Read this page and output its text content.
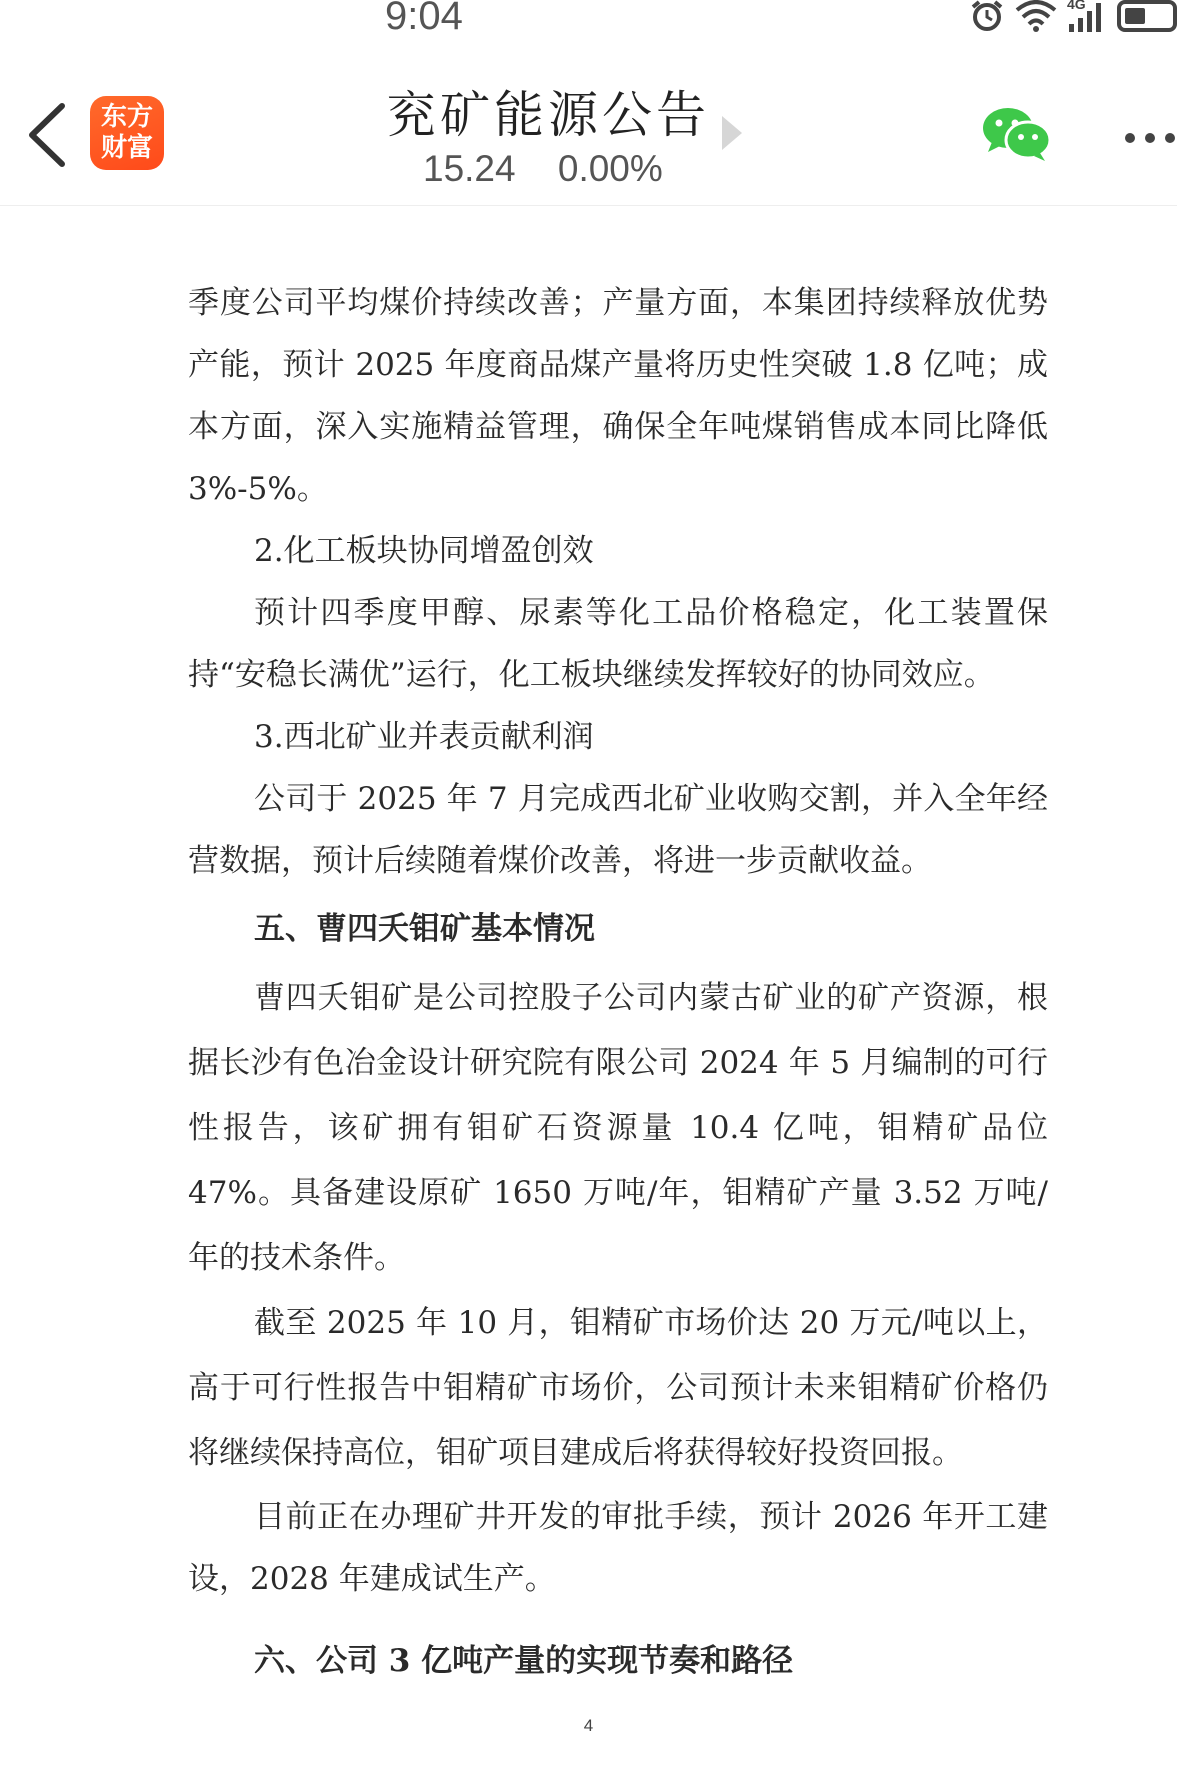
9:04	4G
东方
财富
兖矿能源公告
15.24 0.00%

季度公司平均煤价持续改善；产量方面，本集团持续释放优势产能，预计 2025 年度商品煤产量将历史性突破 1.8 亿吨；成本方面，深入实施精益管理，确保全年吨煤销售成本同比降低 3%-5%。

2.化工板块协同增盈创效

预计四季度甲醇、尿素等化工品价格稳定，化工装置保持“安稳长满优”运行，化工板块继续发挥较好的协同效应。

3.西北矿业并表贡献利润

公司于 2025 年 7 月完成西北矿业收购交割，并入全年经营数据，预计后续随着煤价改善，将进一步贡献收益。

五、曹四夭钼矿基本情况

曹四夭钼矿是公司控股子公司内蒙古矿业的矿产资源，根据长沙有色冶金设计研究院有限公司 2024 年 5 月编制的可行性报告，该矿拥有钼矿石资源量 10.4 亿吨，钼精矿品位 47%。具备建设原矿 1650 万吨/年，钼精矿产量 3.52 万吨/年的技术条件。

截至 2025 年 10 月，钼精矿市场价达 20 万元/吨以上，高于可行性报告中钼精矿市场价，公司预计未来钼精矿价格仍将继续保持高位，钼矿项目建成后将获得较好投资回报。

目前正在办理矿井开发的审批手续，预计 2026 年开工建设，2028 年建成试生产。

六、公司 3 亿吨产量的实现节奏和路径

4
